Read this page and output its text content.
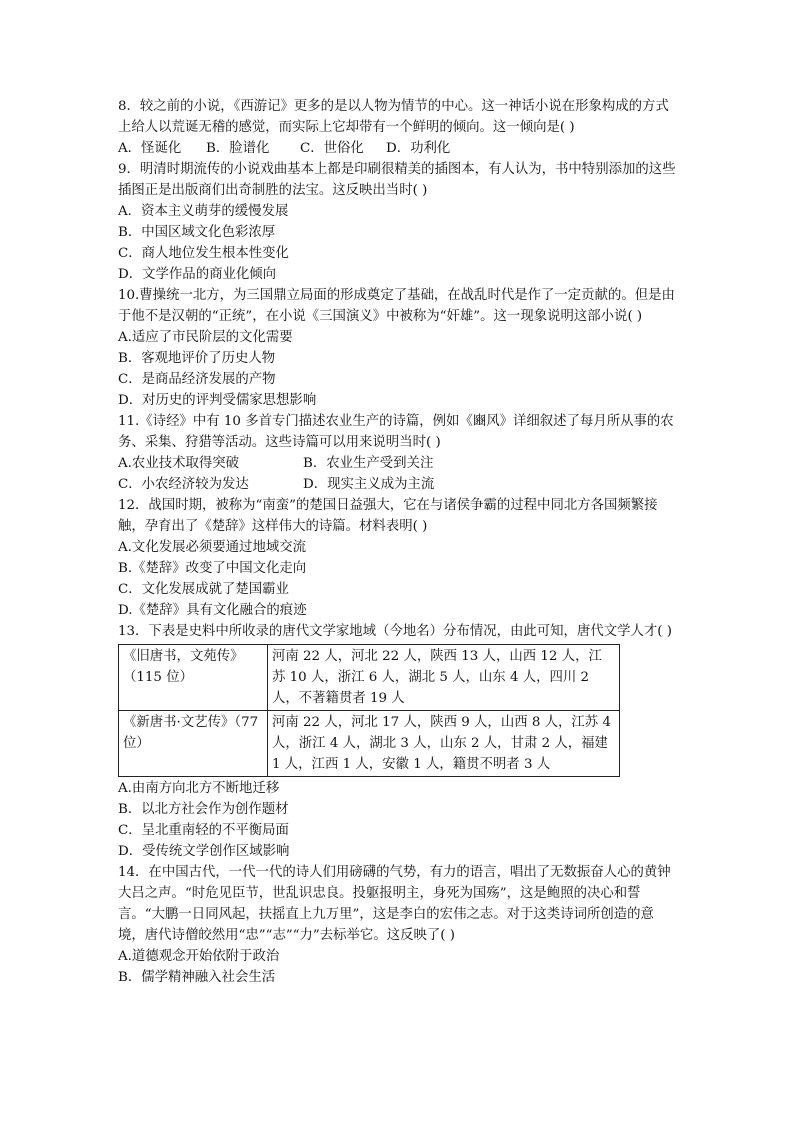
8．较之前的小说，《西游记》更多的是以人物为情节的中心。这一神话小说在形象构成的方式上给人以荒诞无稽的感觉，而实际上它却带有一个鲜明的倾向。这一倾向是( )

A．怪诞化	B．脸谱化	C．世俗化	D．功利化

9．明清时期流传的小说戏曲基本上都是印刷很精美的插图本，有人认为，书中特别添加的这些插图正是出版商们出奇制胜的法宝。这反映出当时( )

A．资本主义萌芽的缓慢发展

B．中国区域文化色彩浓厚

C．商人地位发生根本性变化

D．文学作品的商业化倾向

10.曹操统一北方，为三国鼎立局面的形成奠定了基础，在战乱时代是作了一定贡献的。但是由于他不是汉朝的“正统”，在小说《三国演义》中被称为“奸雄”。这一现象说明这部小说( )

A.适应了市民阶层的文化需要

B．客观地评价了历史人物

C．是商品经济发展的产物

D．对历史的评判受儒家思想影响

11.《诗经》中有 10 多首专门描述农业生产的诗篇，例如《豳风》详细叙述了每月所从事的农务、采集、狩猎等活动。这些诗篇可以用来说明当时( )

A.农业技术取得突破	B．农业生产受到关注
C．小农经济较为发达	D．现实主义成为主流

12．战国时期，被称为“南蛮”的楚国日益强大，它在与诸侯争霸的过程中同北方各国频繁接触，孕育出了《楚辞》这样伟大的诗篇。材料表明( )

A.文化发展必须要通过地域交流

B.《楚辞》改变了中国文化走向

C．文化发展成就了楚国霸业

D.《楚辞》具有文化融合的痕迹

13．下表是史料中所收录的唐代文学家地域（今地名）分布情况，由此可知，唐代文学人才( )

《旧唐书，文苑传》（115 位）	河南 22 人，河北 22 人，陕西 13 人，山西 12 人，江苏 10 人，浙江 6 人，湖北 5 人，山东 4 人，四川 2 人，不著籍贯者 19 人
《新唐书·文艺传》（77 位）	河南 22 人，河北 17 人，陕西 9 人，山西 8 人，江苏 4 人，浙江 4 人，湖北 3 人，山东 2 人，甘肃 2 人，福建 1 人，江西 1 人，安徽 1 人，籍贯不明者 3 人

A.由南方向北方不断地迁移

B．以北方社会作为创作题材

C．呈北重南轻的不平衡局面

D．受传统文学创作区域影响

14．在中国古代，一代一代的诗人们用磅礴的气势，有力的语言，唱出了无数振奋人心的黄钟大吕之声。“时危见臣节，世乱识忠良。投躯报明主，身死为国殇”，这是鲍照的决心和誓言。“大鹏一日同风起，扶摇直上九万里”，这是李白的宏伟之志。对于这类诗词所创造的意境，唐代诗僧皎然用“忠”“志”“力”去标举它。这反映了( )

A.道德观念开始依附于政治

B．儒学精神融入社会生活
